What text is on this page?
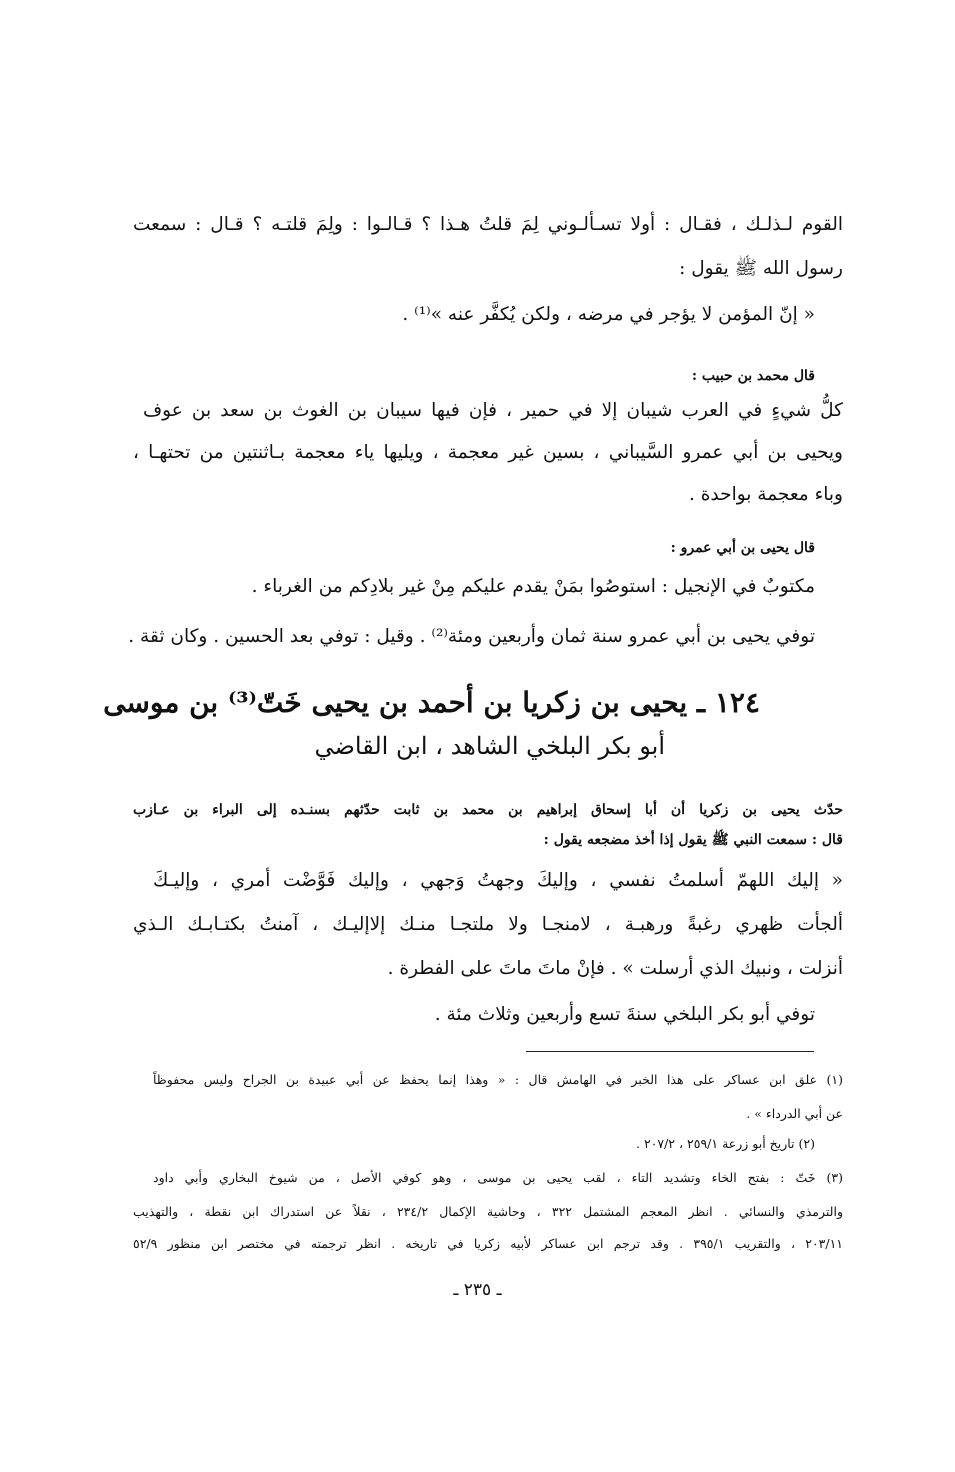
القوم لـذلـك ، فقـال : أولا تسـألـوني لِمَ قلتُ هـذا ؟ قـالـوا : ولِمَ قلتـه ؟ قـال : سمعت
رسول الله ﷺ يقول :
« إنّ المؤمن لا يؤجر في مرضه ، ولكن يُكفَّر عنه »⁽¹⁾ .
قال محمد بن حبيب :
كلُّ شيءٍ في العرب شيبان إلا في حمير ، فإن فيها سيبان بن الغوث بن سعد بن عوف
ويحيى بن أبي عمرو السَّيباني ، بسين غير معجمة ، ويليها ياء معجمة بـاثنتين من تحتهـا ،
وباء معجمة بواحدة .
قال يحيى بن أبي عمرو :
مكتوبٌ في الإنجيل : استوصُوا بمَنْ يقدم عليكم مِنْ غير بلادِكم من الغرباء .
توفي يحيى بن أبي عمرو سنة ثمان وأربعين ومئة⁽²⁾ . وقيل : توفي بعد الحسين . وكان ثقة .
١٢٤ ـ يحيى بن زكريا بن أحمد بن يحيى خَتّ⁽³⁾ بن موسى
أبو بكر البلخي الشاهد ، ابن القاضي
حدّث يحيى بن زكريا أن أبا إسحاق إبراهيم بن محمد بن ثابت حدّثهم بسنـده إلى البراء بن عـازب
قال : سمعت النبي ﷺ يقول إذا أخذ مضجعه يقول :
« إليك اللهمّ أسلمتُ نفسي ، وإليكَ وجهتُ وَجهي ، وإليك فَوَّضْت أمري ، وإليـكَ
ألجأت ظهري رغبةً ورهبـة ، لامنجـا ولا ملتجـا منـك إلاإليـك ، آمنتُ بكتـابـك الـذي
أنزلت ، ونبيك الذي أرسلت » . فإنْ ماتَ ماتَ على الفطرة .
توفي أبو بكر البلخي سنةَ تسع وأربعين وثلاث مئة .
(١) علق ابن عساكر على هذا الخبر في الهامش قال : « وهذا إنما يحفظ عن أبي عبيدة بن الجراح وليس محفوظاً
عن أبي الدرداء » .
(٢) تاريخ أبو زرعة ٢٥٩/١ ، ٢٠٧/٢ .
(٣) خَتّ : بفتح الخاء وتشديد التاء ، لقب يحيى بن موسى ، وهو كوفي الأصل ، من شيوخ البخاري وأبي داود
والترمذي والنسائي . انظر المعجم المشتمل ٣٢٢ ، وحاشية الإكمال ٢٣٤/٢ ، نقلاً عن استدراك ابن نقطة ، والتهذيب
٢٠٣/١١ ، والتقريب ٣٩٥/١ . وقد ترجم ابن عساكر لأبيه زكريا في تاريخه . انظر ترجمته في مختصر ابن منظور ٥٢/٩
ـ ٢٣٥ ـ
